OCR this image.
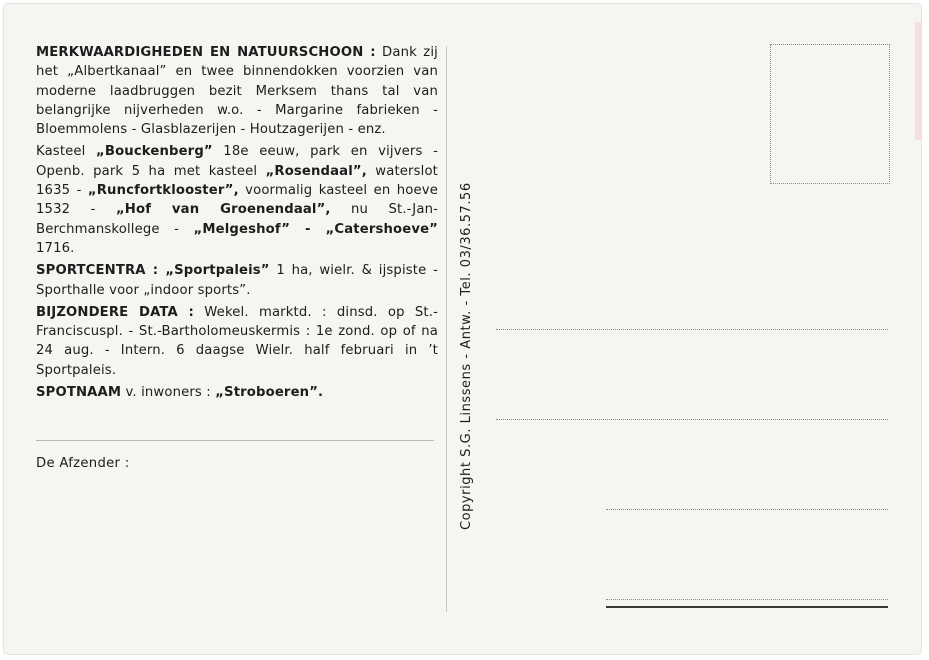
MERKWAARDIGHEDEN EN NATUURSCHOON : Dank zij het „Albertkanaal” en twee binnendokken voorzien van moderne laadbruggen bezit Merksem thans tal van belangrijke nijverheden w.o. - Margarine fabrieken - Bloemmolens - Glasblazerijen - Houtzagerijen - enz.

Kasteel „Bouckenberg” 18e eeuw, park en vijvers - Openb. park 5 ha met kasteel „Rosendaal”, waterslot 1635 - „Runcfortklooster”, voormalig kasteel en hoeve 1532 - „Hof van Groenendaal”, nu St.-Jan-Berchmanskollege - „Melgeshof” - „Catershoeve” 1716.

SPORTCENTRA : „Sportpaleis” 1 ha, wielr. & ijspiste - Sporthalle voor „indoor sports”.

BIJZONDERE DATA : Wekel. marktd. : dinsd. op St.-Franciscuspl. - St.-Bartholomeuskermis : 1e zond. op of na 24 aug. - Intern. 6 daagse Wielr. half februari in ’t Sportpaleis.

SPOTNAAM v. inwoners : „Stroboeren”.

De Afzender :	Copyright S.G. Linssens - Antw. - Tel. 03/36.57.56
